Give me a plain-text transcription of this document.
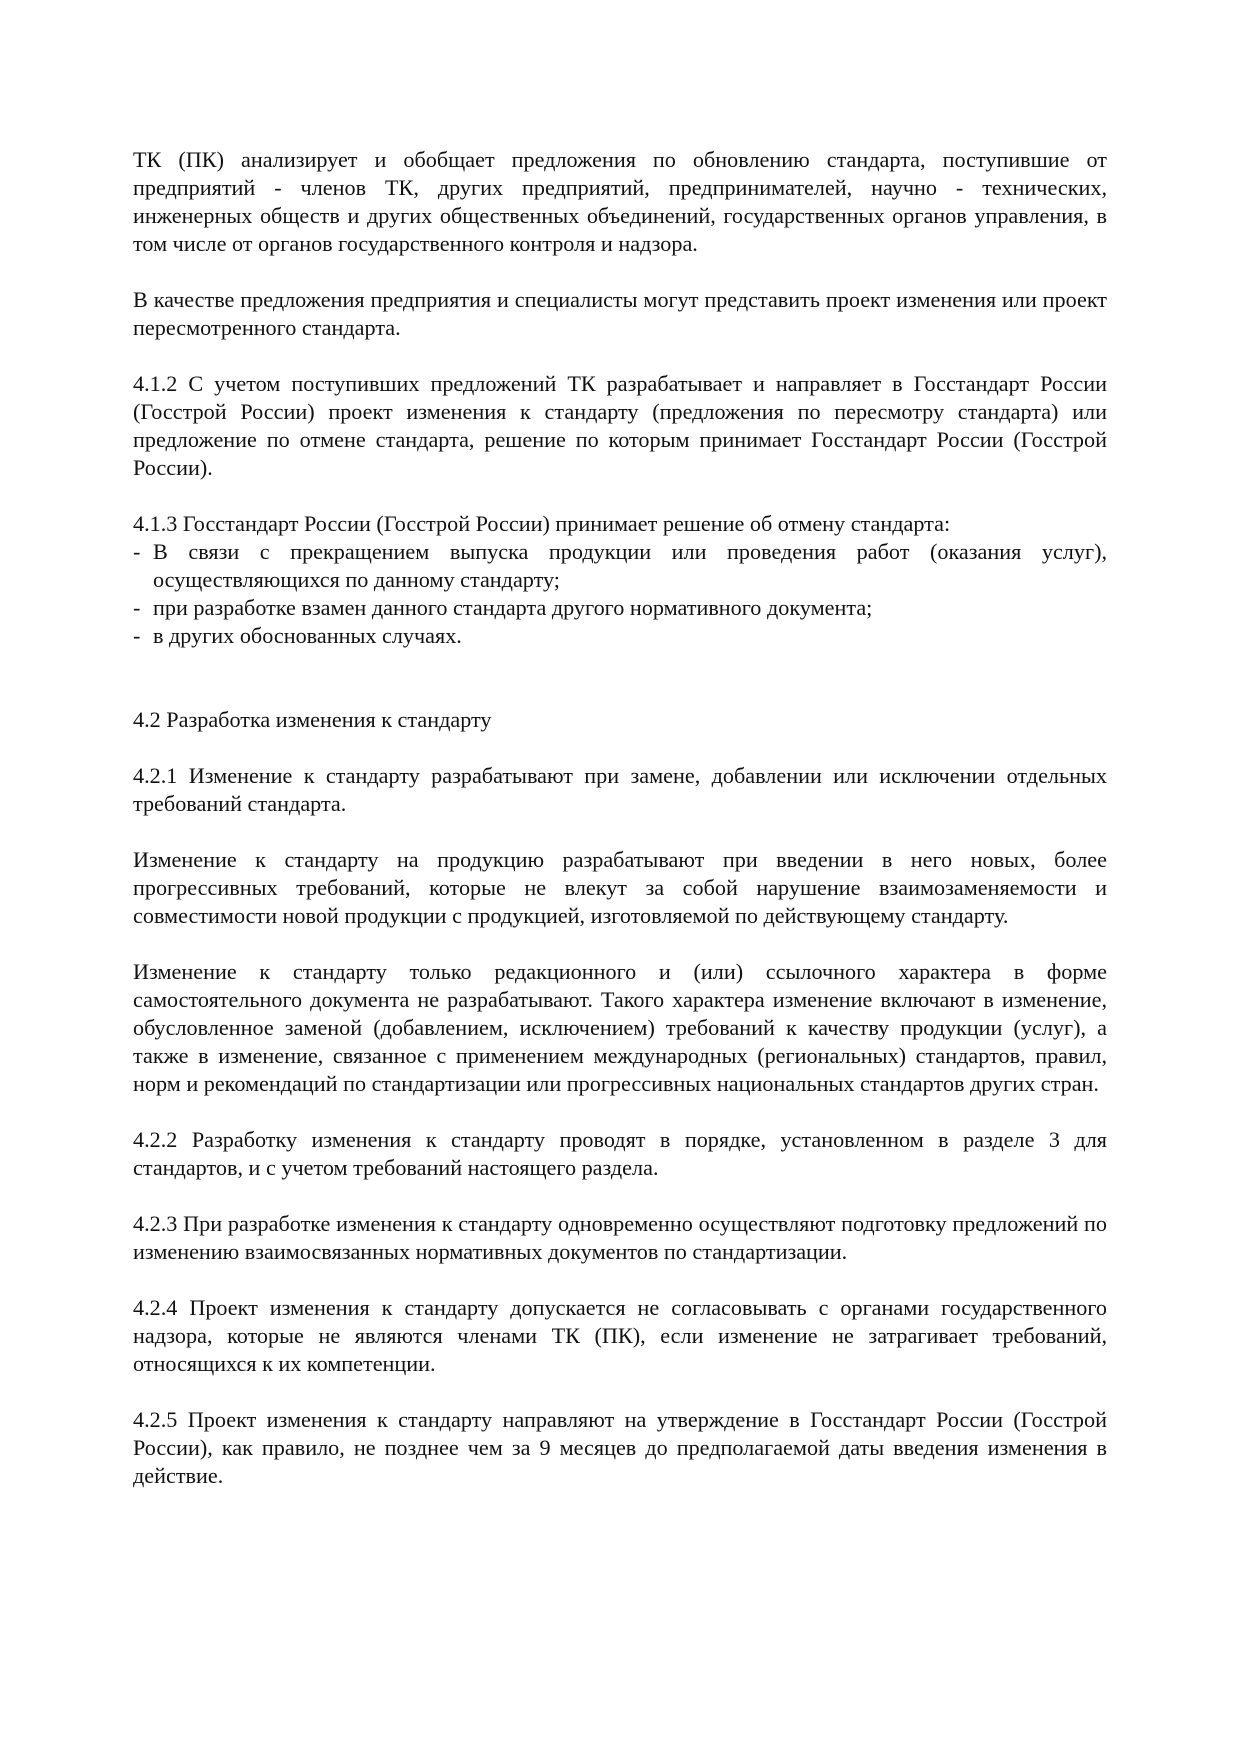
ТК (ПК) анализирует и обобщает предложения по обновлению стандарта, поступившие от предприятий - членов ТК, других предприятий, предпринимателей, научно - технических, инженерных обществ и других общественных объединений, государственных органов управления, в том числе от органов государственного контроля и надзора.

В качестве предложения предприятия и специалисты могут представить проект изменения или проект пересмотренного стандарта.

4.1.2 С учетом поступивших предложений ТК разрабатывает и направляет в Госстандарт России (Госстрой России) проект изменения к стандарту (предложения по пересмотру стандарта) или предложение по отмене стандарта, решение по которым принимает Госстандарт России (Госстрой России).

4.1.3 Госстандарт России (Госстрой России) принимает решение об отмену стандарта:

- В связи с прекращением выпуска продукции или проведения работ (оказания услуг), осуществляющихся по данному стандарту;
- при разработке взамен данного стандарта другого нормативного документа;
- в других обоснованных случаях.

4.2 Разработка изменения к стандарту

4.2.1 Изменение к стандарту разрабатывают при замене, добавлении или исключении отдельных требований стандарта.

Изменение к стандарту на продукцию разрабатывают при введении в него новых, более прогрессивных требований, которые не влекут за собой нарушение взаимозаменяемости и совместимости новой продукции с продукцией, изготовляемой по действующему стандарту.

Изменение к стандарту только редакционного и (или) ссылочного характера в форме самостоятельного документа не разрабатывают. Такого характера изменение включают в изменение, обусловленное заменой (добавлением, исключением) требований к качеству продукции (услуг), а также в изменение, связанное с применением международных (региональных) стандартов, правил, норм и рекомендаций по стандартизации или прогрессивных национальных стандартов других стран.

4.2.2 Разработку изменения к стандарту проводят в порядке, установленном в разделе 3 для стандартов, и с учетом требований настоящего раздела.

4.2.3 При разработке изменения к стандарту одновременно осуществляют подготовку предложений по изменению взаимосвязанных нормативных документов по стандартизации.

4.2.4 Проект изменения к стандарту допускается не согласовывать с органами государственного надзора, которые не являются членами ТК (ПК), если изменение не затрагивает требований, относящихся к их компетенции.

4.2.5 Проект изменения к стандарту направляют на утверждение в Госстандарт России (Госстрой России), как правило, не позднее чем за 9 месяцев до предполагаемой даты введения изменения в действие.
